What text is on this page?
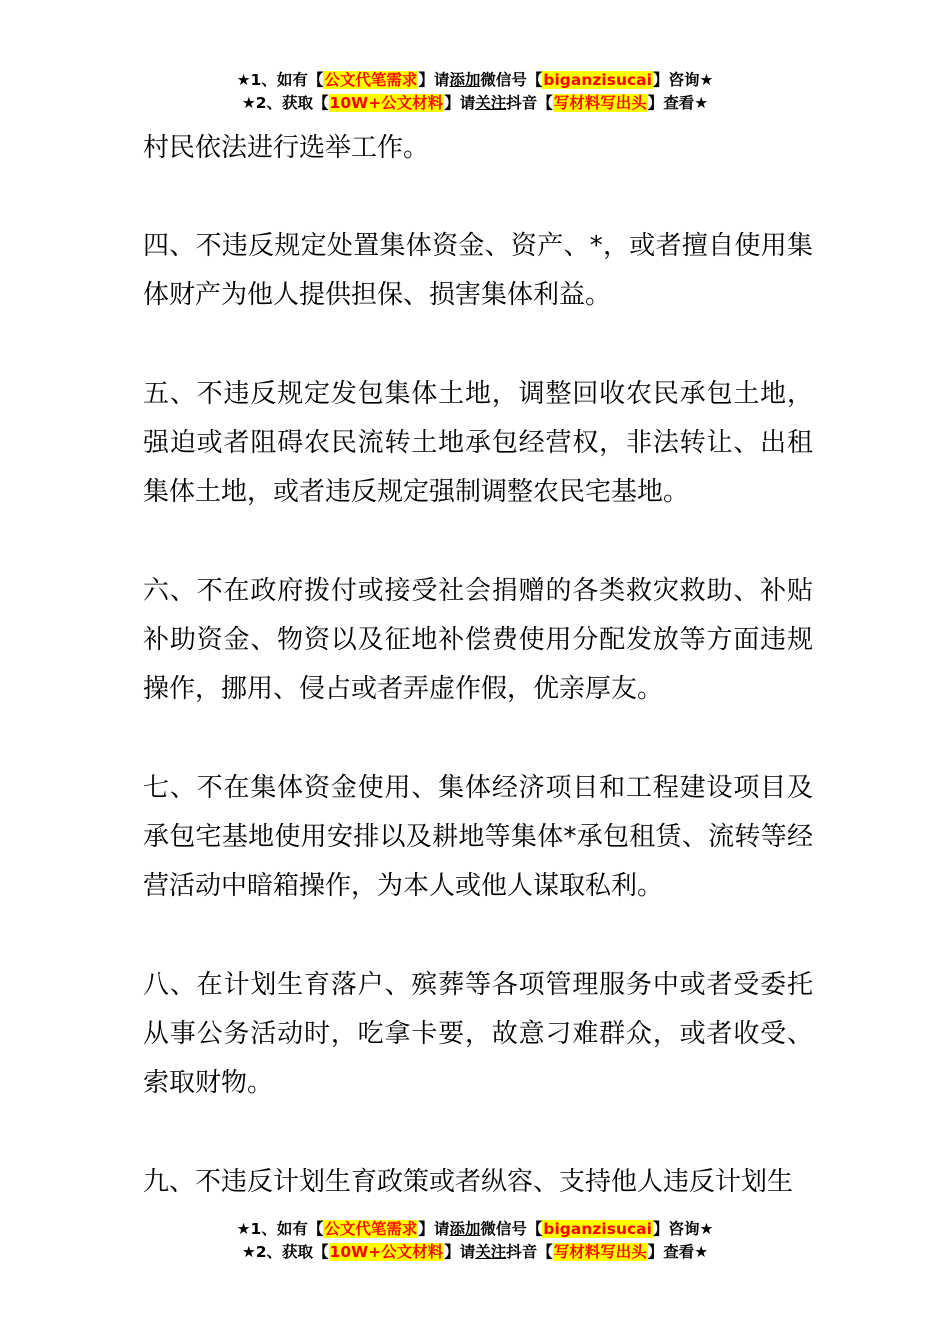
★1、如有【公文代笔需求】请添加微信号【biganzisucai】咨询★
★2、获取【10W+公文材料】请关注抖音【写材料写出头】查看★

村民依法进行选举工作。

四、不违反规定处置集体资金、资产、*，或者擅自使用集体财产为他人提供担保、损害集体利益。

五、不违反规定发包集体土地，调整回收农民承包土地，强迫或者阻碍农民流转土地承包经营权，非法转让、出租集体土地，或者违反规定强制调整农民宅基地。

六、不在政府拨付或接受社会捐赠的各类救灾救助、补贴补助资金、物资以及征地补偿费使用分配发放等方面违规操作，挪用、侵占或者弄虚作假，优亲厚友。

七、不在集体资金使用、集体经济项目和工程建设项目及承包宅基地使用安排以及耕地等集体*承包租赁、流转等经营活动中暗箱操作，为本人或他人谋取私利。

八、在计划生育落户、殡葬等各项管理服务中或者受委托从事公务活动时，吃拿卡要，故意刁难群众，或者收受、索取财物。

九、不违反计划生育政策或者纵容、支持他人违反计划生

★1、如有【公文代笔需求】请添加微信号【biganzisucai】咨询★
★2、获取【10W+公文材料】请关注抖音【写材料写出头】查看★
